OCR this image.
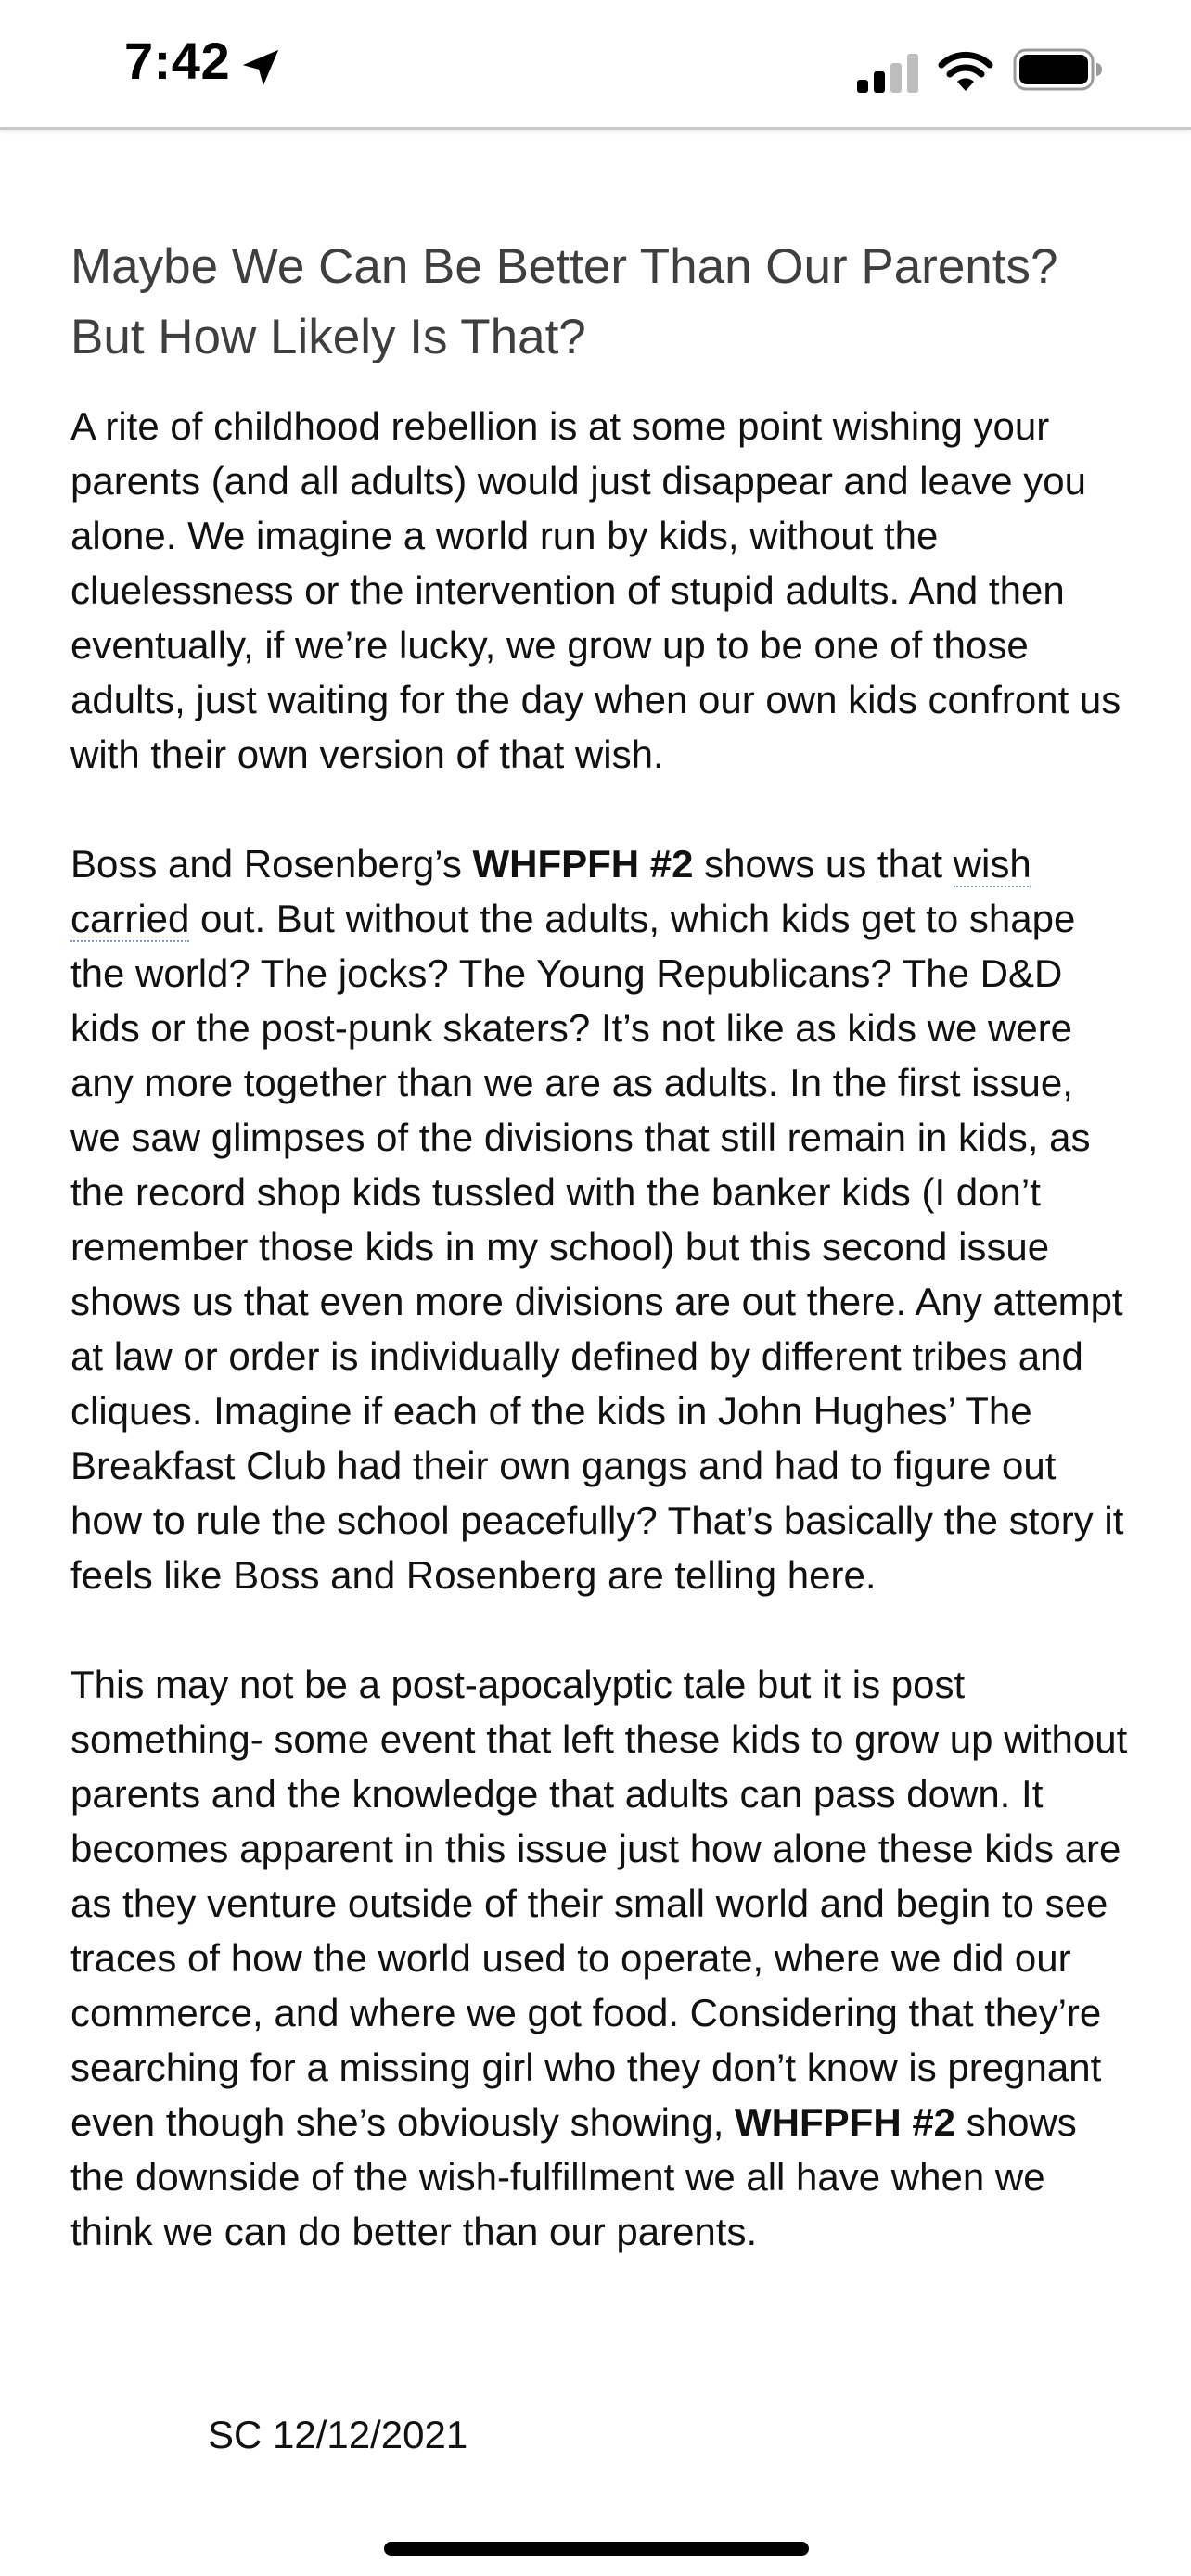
7:42
Maybe We Can Be Better Than Our Parents? But How Likely Is That?

A rite of childhood rebellion is at some point wishing your parents (and all adults) would just disappear and leave you alone. We imagine a world run by kids, without the cluelessness or the intervention of stupid adults. And then eventually, if we’re lucky, we grow up to be one of those adults, just waiting for the day when our own kids confront us with their own version of that wish.

Boss and Rosenberg’s WHFPFH #2 shows us that wish carried out. But without the adults, which kids get to shape the world? The jocks? The Young Republicans? The D&D kids or the post-punk skaters? It’s not like as kids we were any more together than we are as adults. In the first issue, we saw glimpses of the divisions that still remain in kids, as the record shop kids tussled with the banker kids (I don’t remember those kids in my school) but this second issue shows us that even more divisions are out there. Any attempt at law or order is individually defined by different tribes and cliques. Imagine if each of the kids in John Hughes’ The Breakfast Club had their own gangs and had to figure out how to rule the school peacefully? That’s basically the story it feels like Boss and Rosenberg are telling here.

This may not be a post-apocalyptic tale but it is post something- some event that left these kids to grow up without parents and the knowledge that adults can pass down. It becomes apparent in this issue just how alone these kids are as they venture outside of their small world and begin to see traces of how the world used to operate, where we did our commerce, and where we got food. Considering that they’re searching for a missing girl who they don’t know is pregnant even though she’s obviously showing, WHFPFH #2 shows the downside of the wish-fulfillment we all have when we think we can do better than our parents.

SC 12/12/2021
